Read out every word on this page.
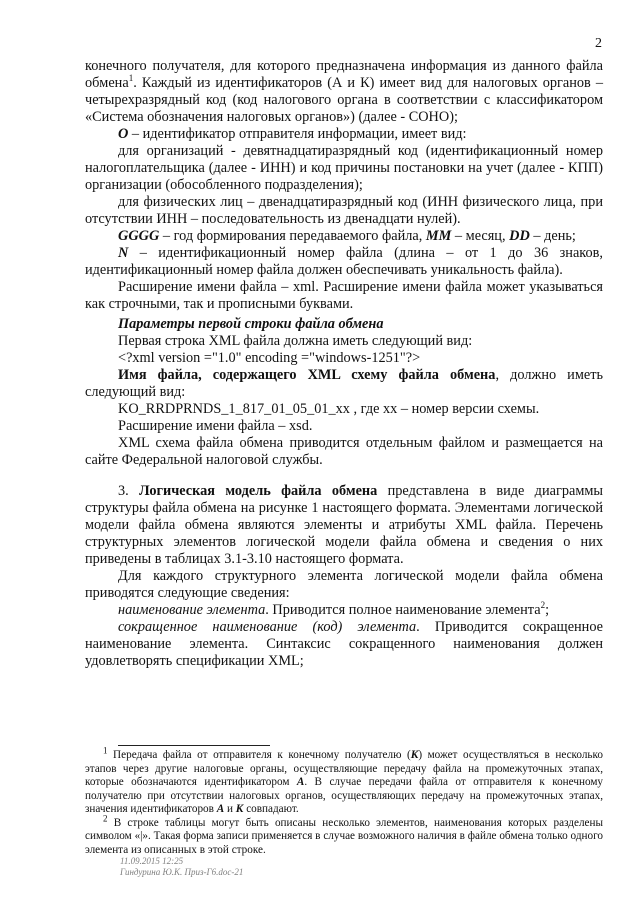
2

конечного получателя, для которого предназначена информация из данного файла обмена$^1$. Каждый из идентификаторов (А и К) имеет вид для налоговых органов – четырехразрядный код (код налогового органа в соответствии с классификатором «Система обозначения налоговых органов») (далее - СОНО);

O – идентификатор отправителя информации, имеет вид:

для организаций - девятнадцатиразрядный код (идентификационный номер налогоплательщика (далее - ИНН) и код причины постановки на учет (далее - КПП) организации (обособленного подразделения);

для физических лиц – двенадцатиразрядный код (ИНН физического лица, при отсутствии ИНН – последовательность из двенадцати нулей).

GGGG – год формирования передаваемого файла, MM – месяц, DD – день;

N – идентификационный номер файла (длина – от 1 до 36 знаков, идентификационный номер файла должен обеспечивать уникальность файла).

Расширение имени файла – xml. Расширение имени файла может указываться как строчными, так и прописными буквами.

Параметры первой строки файла обмена

Первая строка XML файла должна иметь следующий вид:

<?xml version ="1.0" encoding ="windows-1251"?>

Имя файла, содержащего XML схему файла обмена, должно иметь следующий вид:

KO_RRDPRNDS_1_817_01_05_01_xx , где xx – номер версии схемы.

Расширение имени файла – xsd.

XML схема файла обмена приводится отдельным файлом и размещается на сайте Федеральной налоговой службы.

3. Логическая модель файла обмена представлена в виде диаграммы структуры файла обмена на рисунке 1 настоящего формата. Элементами логической модели файла обмена являются элементы и атрибуты XML файла. Перечень структурных элементов логической модели файла обмена и сведения о них приведены в таблицах 3.1-3.10 настоящего формата.

Для каждого структурного элемента логической модели файла обмена приводятся следующие сведения:

наименование элемента. Приводится полное наименование элемента$^2$;

сокращенное наименование (код) элемента. Приводится сокращенное наименование элемента. Синтаксис сокращенного наименования должен удовлетворять спецификации XML;

$^1$ Передача файла от отправителя к конечному получателю (К) может осуществляться в несколько этапов через другие налоговые органы, осуществляющие передачу файла на промежуточных этапах, которые обозначаются идентификатором А. В случае передачи файла от отправителя к конечному получателю при отсутствии налоговых органов, осуществляющих передачу на промежуточных этапах, значения идентификаторов А и К совпадают.

$^2$ В строке таблицы могут быть описаны несколько элементов, наименования которых разделены символом «|». Такая форма записи применяется в случае возможного наличия в файле обмена только одного элемента из описанных в этой строке.

11.09.2015 12:25
Гиндурина Ю.К. Приз-Г6.doc-21
